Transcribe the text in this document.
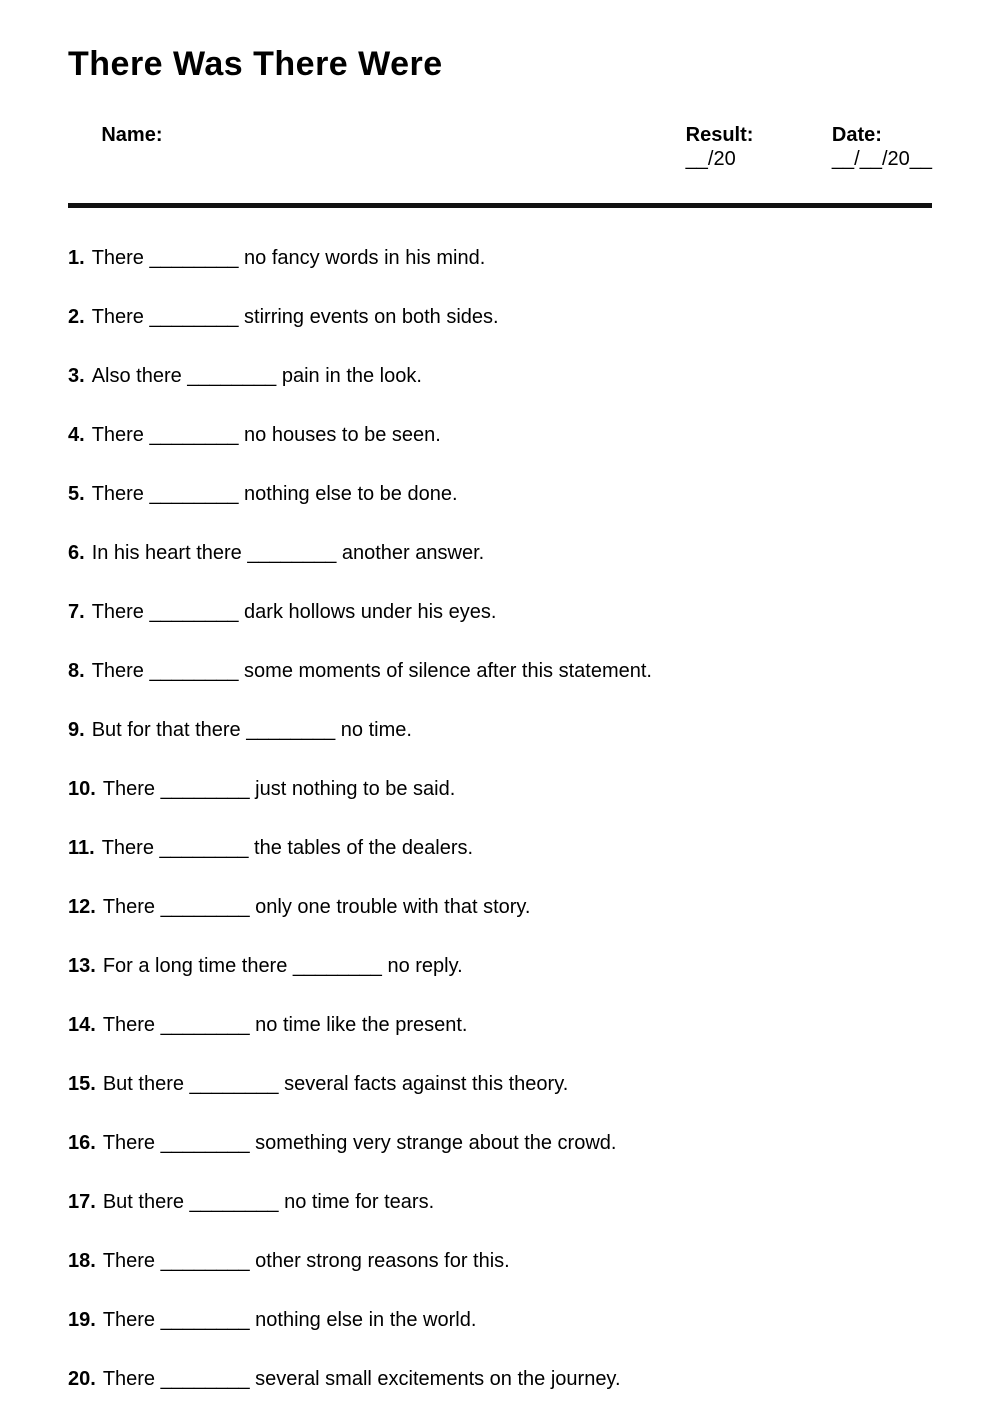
There Was There Were

Name:
	Result:
__/20

Date:
__/__/20__

1. There ________ no fancy words in his mind.
2. There ________ stirring events on both sides.
3. Also there ________ pain in the look.
4. There ________ no houses to be seen.
5. There ________ nothing else to be done.
6. In his heart there ________ another answer.
7. There ________ dark hollows under his eyes.
8. There ________ some moments of silence after this statement.
9. But for that there ________ no time.
10. There ________ just nothing to be said.
11. There ________ the tables of the dealers.
12. There ________ only one trouble with that story.
13. For a long time there ________ no reply.
14. There ________ no time like the present.
15. But there ________ several facts against this theory.
16. There ________ something very strange about the crowd.
17. But there ________ no time for tears.
18. There ________ other strong reasons for this.
19. There ________ nothing else in the world.
20. There ________ several small excitements on the journey.
